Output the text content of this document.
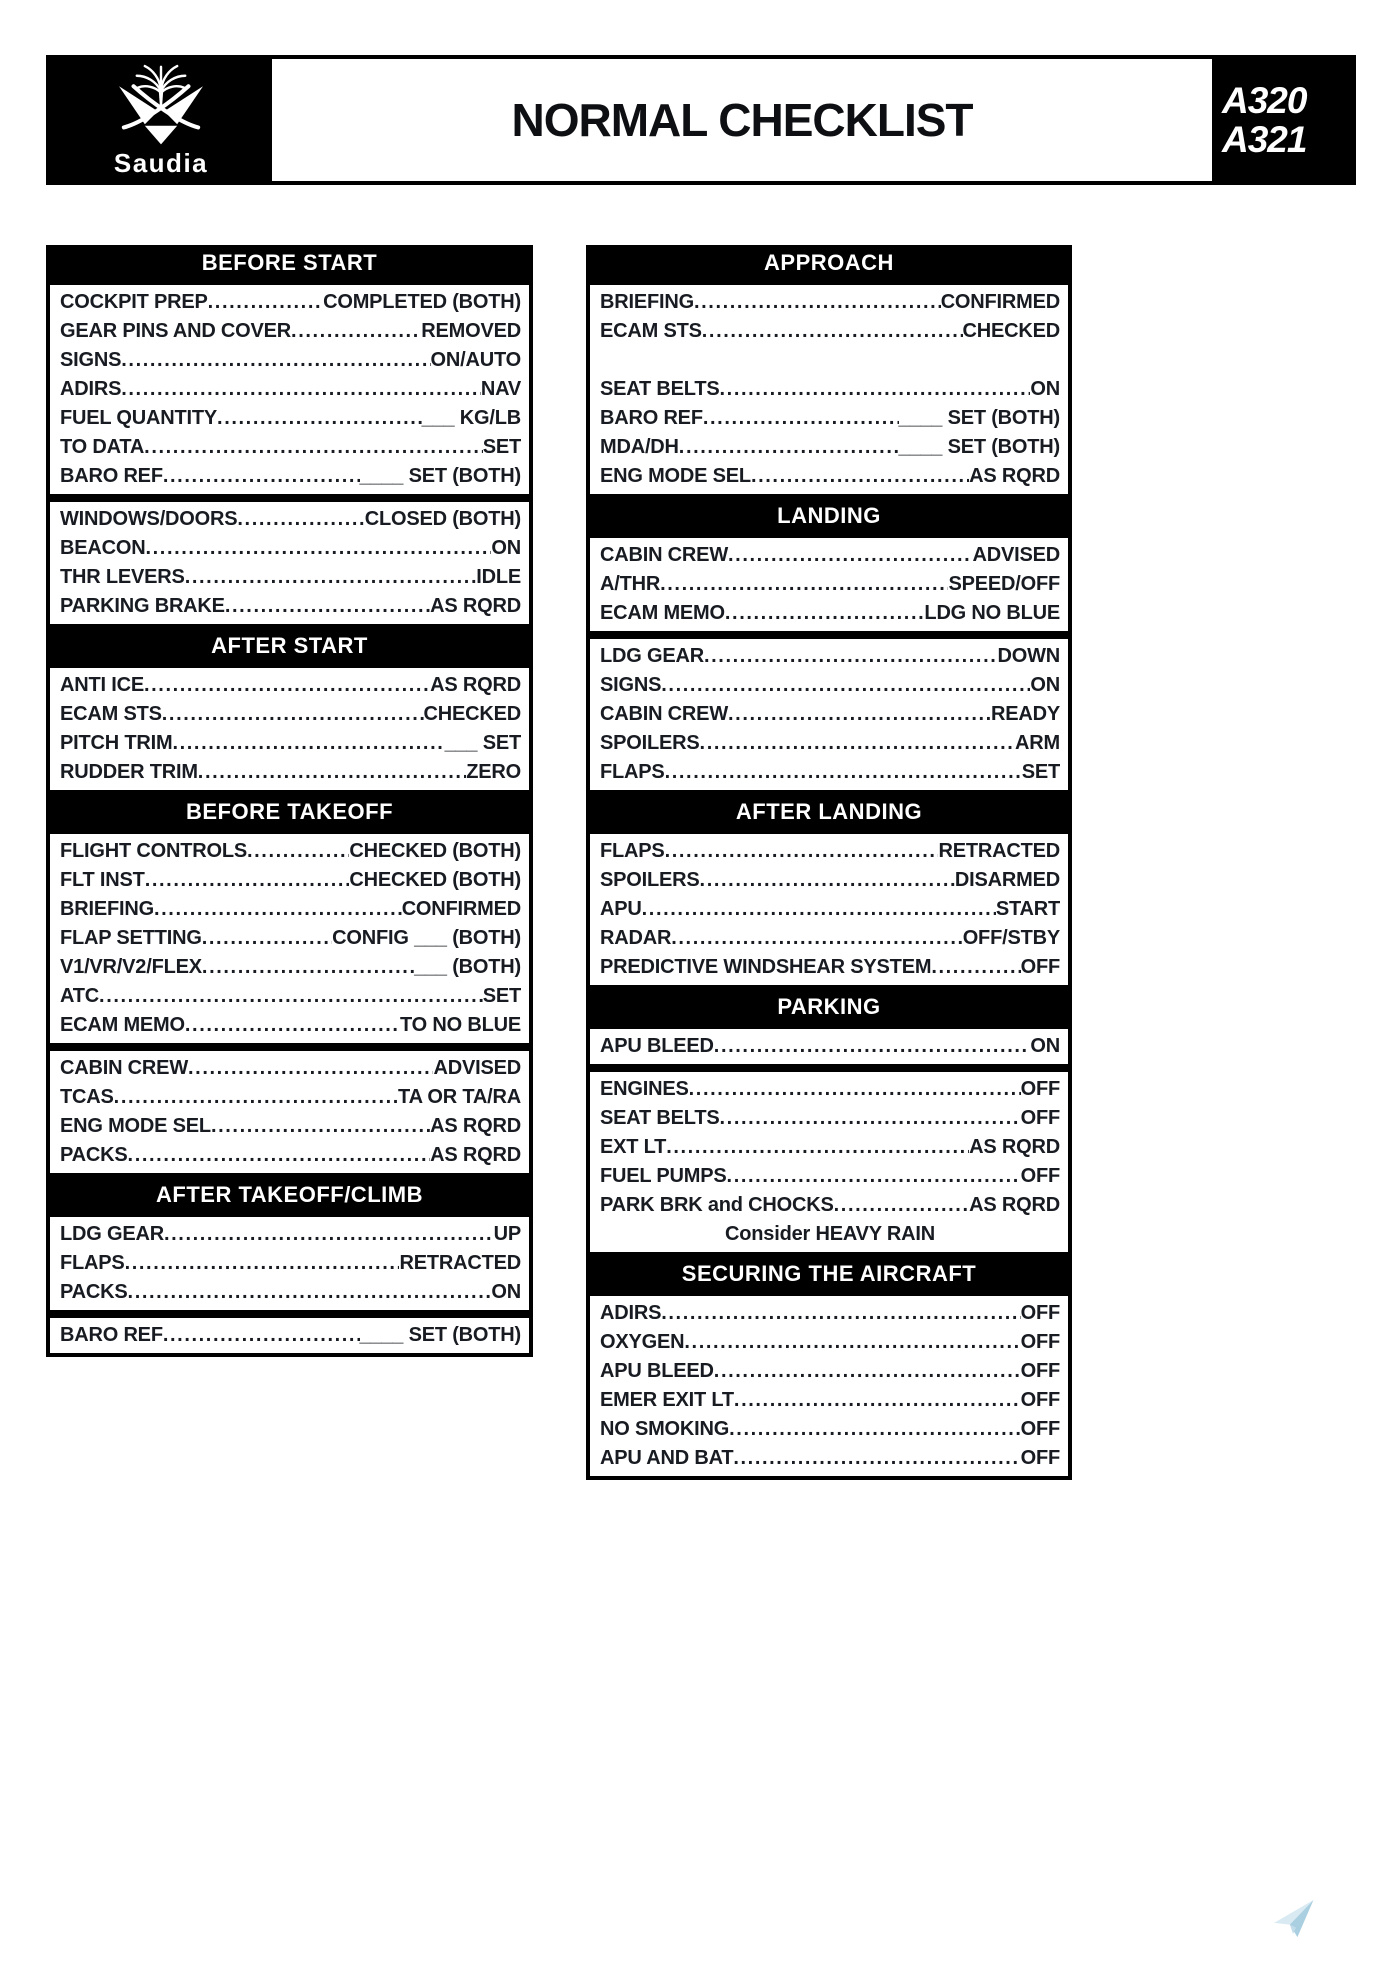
Saudia
NORMAL CHECKLIST	A320
A321
BEFORE START
COCKPIT PREP .....	COMPLETED (BOTH)
GEAR PINS AND COVER .....	REMOVED
SIGNS .....	ON/AUTO
ADIRS .....	NAV
FUEL QUANTITY .....	___ KG/LB
TO DATA .....	SET
BARO REF .....	____ SET (BOTH)
WINDOWS/DOORS .....	CLOSED (BOTH)
BEACON .....	ON
THR LEVERS .....	IDLE
PARKING BRAKE .....	AS RQRD
AFTER START
ANTI ICE .....	AS RQRD
ECAM STS .....	CHECKED
PITCH TRIM .....	___ SET
RUDDER TRIM .....	ZERO
BEFORE TAKEOFF
FLIGHT CONTROLS .....	CHECKED (BOTH)
FLT INST .....	CHECKED (BOTH)
BRIEFING .....	CONFIRMED
FLAP SETTING .....	CONFIG ___ (BOTH)
V1/VR/V2/FLEX .....	___ (BOTH)
ATC .....	SET
ECAM MEMO .....	TO NO BLUE
CABIN CREW .....	ADVISED
TCAS .....	TA OR TA/RA
ENG MODE SEL .....	AS RQRD
PACKS .....	AS RQRD
AFTER TAKEOFF/CLIMB
LDG GEAR .....	UP
FLAPS .....	RETRACTED
PACKS .....	ON
BARO REF .....	____ SET (BOTH)
APPROACH
BRIEFING .....	CONFIRMED
ECAM STS .....	CHECKED
SEAT BELTS .....	ON
BARO REF .....	____ SET (BOTH)
MDA/DH .....	____ SET (BOTH)
ENG MODE SEL .....	AS RQRD
LANDING
CABIN CREW .....	ADVISED
A/THR .....	SPEED/OFF
ECAM MEMO .....	LDG NO BLUE
LDG GEAR .....	DOWN
SIGNS .....	ON
CABIN CREW .....	READY
SPOILERS .....	ARM
FLAPS .....	SET
AFTER LANDING
FLAPS .....	RETRACTED
SPOILERS .....	DISARMED
APU .....	START
RADAR .....	OFF/STBY
PREDICTIVE WINDSHEAR SYSTEM .....	OFF
PARKING
APU BLEED .....	ON
ENGINES .....	OFF
SEAT BELTS .....	OFF
EXT LT .....	AS RQRD
FUEL PUMPS .....	OFF
PARK BRK and CHOCKS .....	AS RQRD
Consider HEAVY RAIN
SECURING THE AIRCRAFT
ADIRS .....	OFF
OXYGEN .....	OFF
APU BLEED .....	OFF
EMER EXIT LT .....	OFF
NO SMOKING .....	OFF
APU AND BAT .....	OFF
